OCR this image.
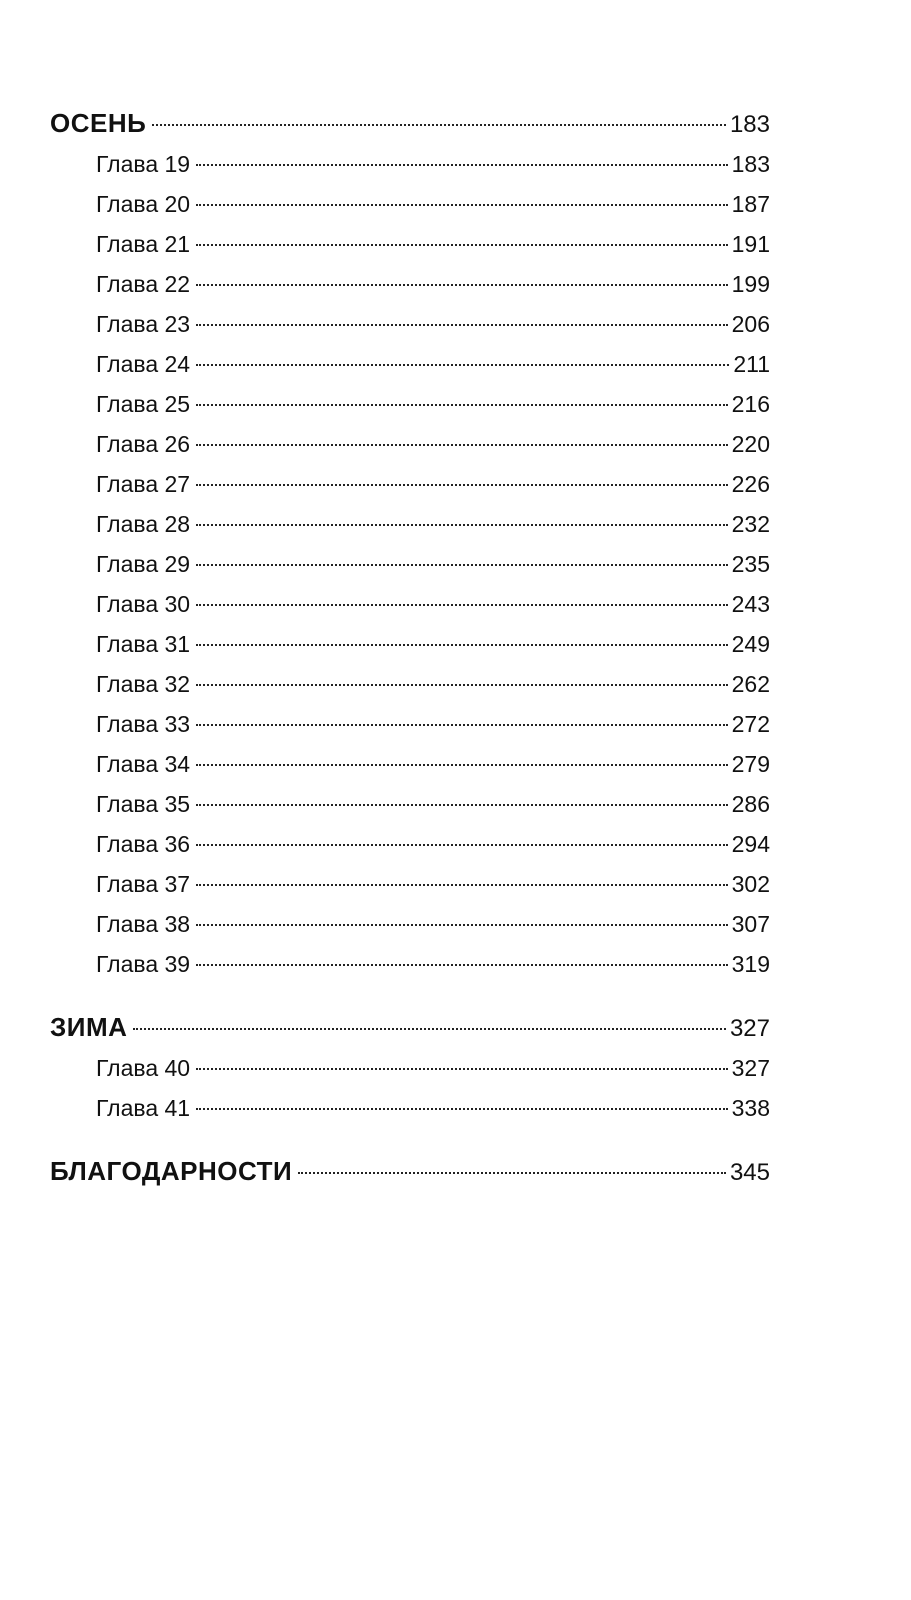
ОСЕНЬ	183
Глава 19	183
Глава 20	187
Глава 21	191
Глава 22	199
Глава 23	206
Глава 24	211
Глава 25	216
Глава 26	220
Глава 27	226
Глава 28	232
Глава 29	235
Глава 30	243
Глава 31	249
Глава 32	262
Глава 33	272
Глава 34	279
Глава 35	286
Глава 36	294
Глава 37	302
Глава 38	307
Глава 39	319
ЗИМА	327
Глава 40	327
Глава 41	338
БЛАГОДАРНОСТИ	345
